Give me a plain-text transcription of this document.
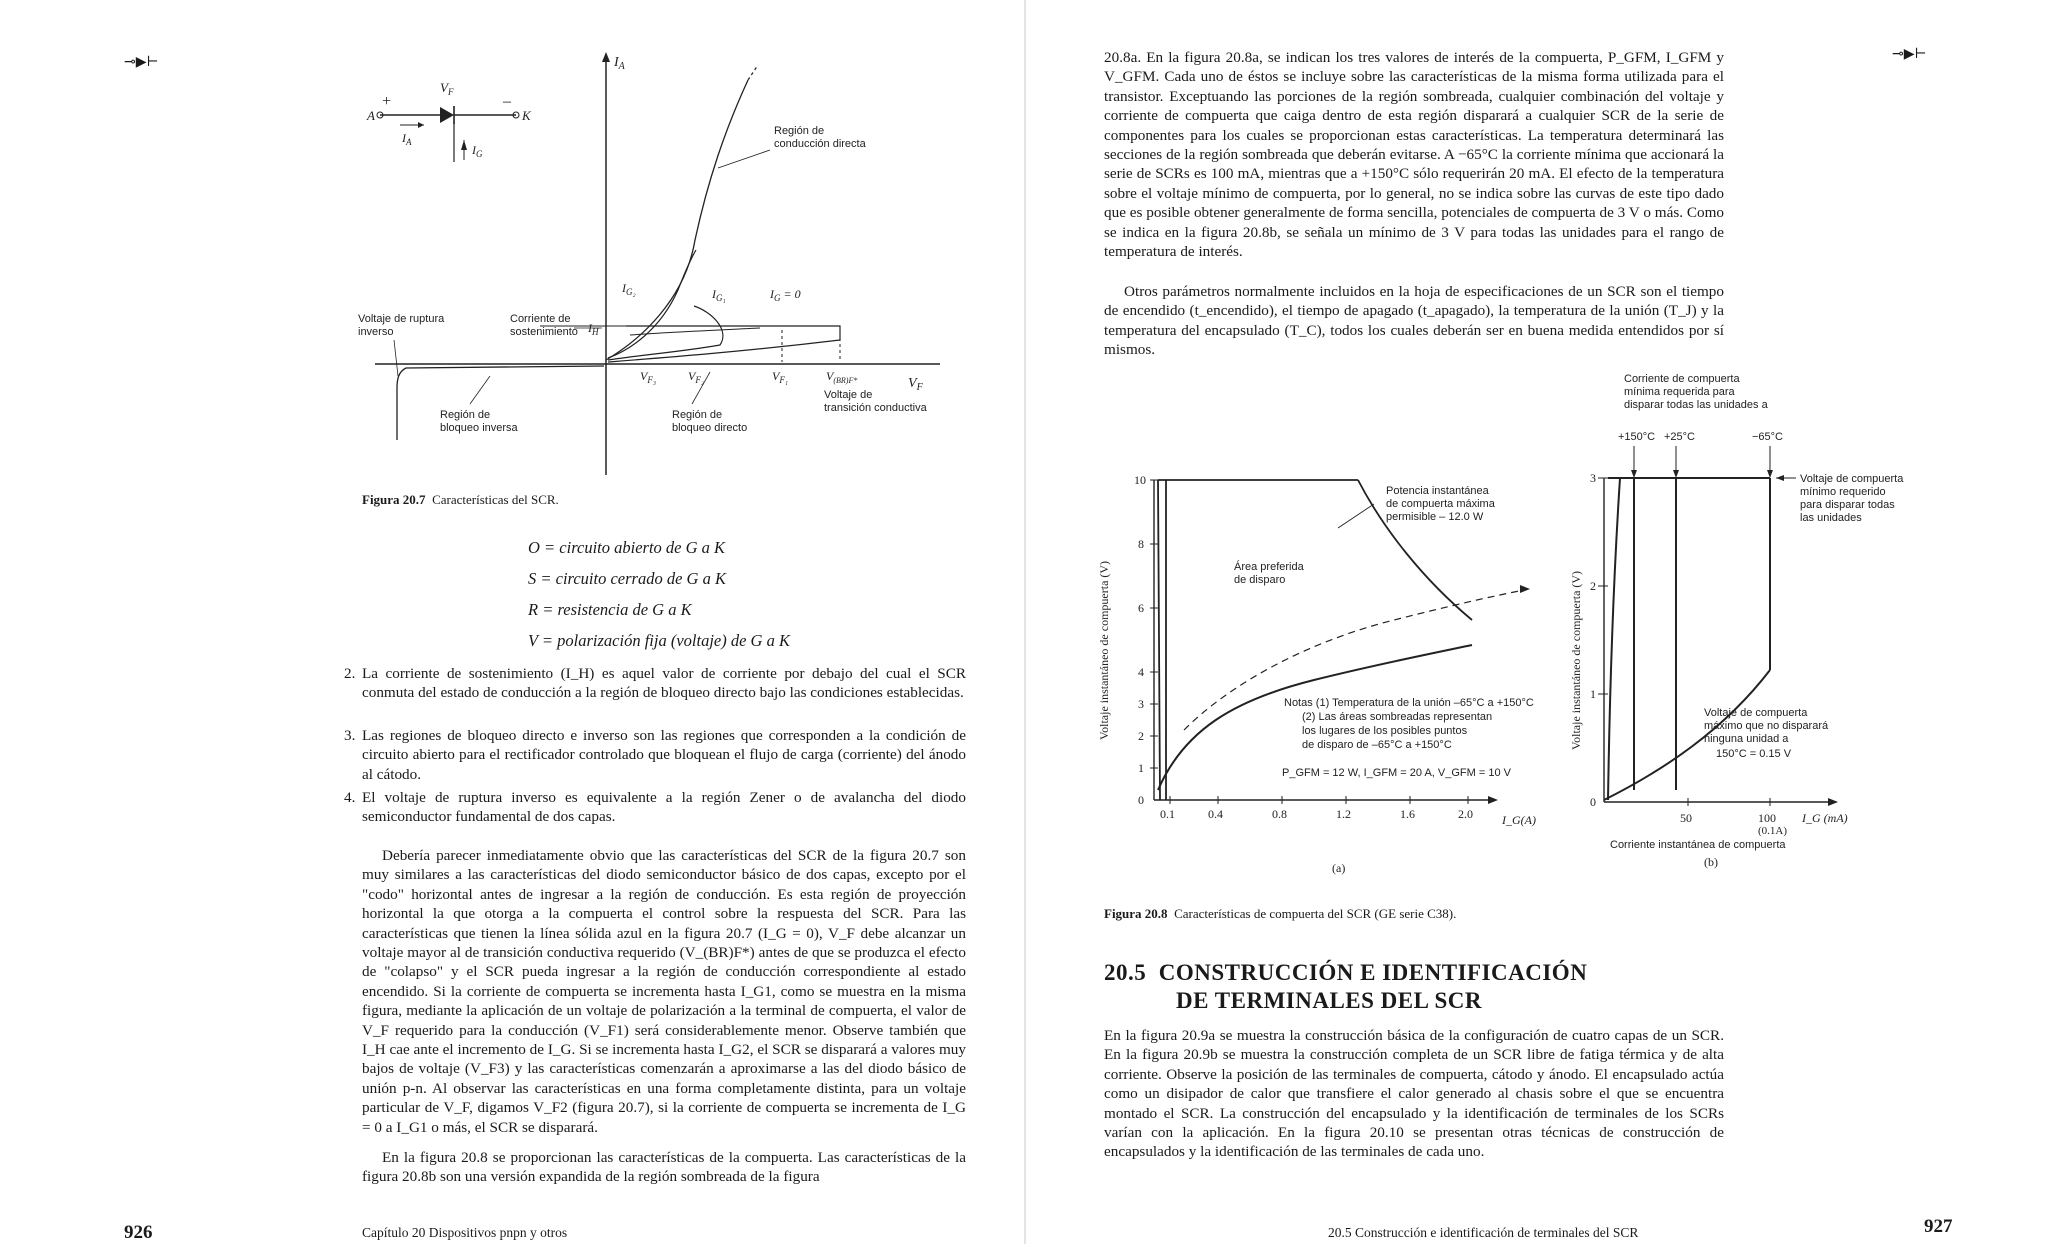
⊸▶⊢	$I_A$
$V_F$
$V_F$
+	–
A	K
$I_A$
$I_G$
Región de conducción directa
$I_{G_2}$	$I_{G_1}$	$I_G = 0$
$I_H$
Voltaje de ruptura inverso
Corriente de sostenimiento
$V_{F_3}$	$V_{F_2}$	$V_{F_1}$	$V_{(BR)F*}$
Voltaje de transición conductiva
Región de bloqueo inversa
Región de bloqueo directo
Figura 20.7 Características del SCR.
O = circuito abierto de G a K
S = circuito cerrado de G a K
R = resistencia de G a K
V = polarización fija (voltaje) de G a K
2. La corriente de sostenimiento (I_H) es aquel valor de corriente por debajo del cual el SCR conmuta del estado de conducción a la región de bloqueo directo bajo las condiciones establecidas.
3. Las regiones de bloqueo directo e inverso son las regiones que corresponden a la condición de circuito abierto para el rectificador controlado que bloquean el flujo de carga (corriente) del ánodo al cátodo.
4. El voltaje de ruptura inverso es equivalente a la región Zener o de avalancha del diodo semiconductor fundamental de dos capas.

Debería parecer inmediatamente obvio que las características del SCR de la figura 20.7 son muy similares a las características del diodo semiconductor básico de dos capas, excepto por el "codo" horizontal antes de ingresar a la región de conducción. Es esta región de proyección horizontal la que otorga a la compuerta el control sobre la respuesta del SCR. Para las características que tienen la línea sólida azul en la figura 20.7 (I_G = 0), V_F debe alcanzar un voltaje mayor al de transición conductiva requerido (V_(BR)F*) antes de que se produzca el efecto de "colapso" y el SCR pueda ingresar a la región de conducción correspondiente al estado encendido. Si la corriente de compuerta se incrementa hasta I_G1, como se muestra en la misma figura, mediante la aplicación de un voltaje de polarización a la terminal de compuerta, el valor de V_F requerido para la conducción (V_F1) será considerablemente menor. Observe también que I_H cae ante el incremento de I_G. Si se incrementa hasta I_G2, el SCR se disparará a valores muy bajos de voltaje (V_F3) y las características comenzarán a aproximarse a las del diodo básico de unión p-n. Al observar las características en una forma completamente distinta, para un voltaje particular de V_F, digamos V_F2 (figura 20.7), si la corriente de compuerta se incrementa de I_G = 0 a I_G1 o más, el SCR se disparará.

En la figura 20.8 se proporcionan las características de la compuerta. Las características de la figura 20.8b son una versión expandida de la región sombreada de la figura

926	Capítulo 20 Dispositivos pnpn y otros
⊸▶⊢

20.8a. En la figura 20.8a, se indican los tres valores de interés de la compuerta, P_GFM, I_GFM y V_GFM. Cada uno de éstos se incluye sobre las características de la misma forma utilizada para el transistor. Exceptuando las porciones de la región sombreada, cualquier combinación del voltaje y corriente de compuerta que caiga dentro de esta región disparará a cualquier SCR de la serie de componentes para los cuales se proporcionan estas características. La temperatura determinará las secciones de la región sombreada que deberán evitarse. A −65°C la corriente mínima que accionará la serie de SCRs es 100 mA, mientras que a +150°C sólo requerirán 20 mA. El efecto de la temperatura sobre el voltaje mínimo de compuerta, por lo general, no se indica sobre las curvas de este tipo dado que es posible obtener generalmente de forma sencilla, potenciales de compuerta de 3 V o más. Como se indica en la figura 20.8b, se señala un mínimo de 3 V para todas las unidades para el rango de temperatura de interés.

Otros parámetros normalmente incluidos en la hoja de especificaciones de un SCR son el tiempo de encendido (t_encendido), el tiempo de apagado (t_apagado), la temperatura de la unión (T_J) y la temperatura del encapsulado (T_C), todos los cuales deberán ser en buena medida entendidos por sí mismos.

Voltaje instantáneo de compuerta (V)
10
8
6
4
3
2
1
0
0.1	0.4	0.8	1.2	1.6	2.0 I_G(A)
Potencia instantánea de compuerta máxima permisible – 12.0 W
Área preferida de disparo
Notas (1) Temperatura de la unión –65°C a +150°C (2) Las áreas sombreadas representan los lugares de los posibles puntos de disparo de –65°C a +150°C
P_GFM = 12 W, I_GFM = 20 A, V_GFM = 10 V
(a)
Corriente de compuerta mínima requerida para disparar todas las unidades a
+150°C +25°C	−65°C
Voltaje instantáneo de compuerta (V)
3
2
1
0
50	100
(0.1A)
I_G (mA)
Corriente instantánea de compuerta
(b)
Voltaje de compuerta mínimo requerido para disparar todas las unidades
Voltaje de compuerta máximo que no disparará ninguna unidad a 150°C = 0.15 V
Figura 20.8 Características de compuerta del SCR (GE serie C38).
20.5 CONSTRUCCIÓN E IDENTIFICACIÓN
DE TERMINALES DEL SCR

En la figura 20.9a se muestra la construcción básica de la configuración de cuatro capas de un SCR. En la figura 20.9b se muestra la construcción completa de un SCR libre de fatiga térmica y de alta corriente. Observe la posición de las terminales de compuerta, cátodo y ánodo. El encapsulado actúa como un disipador de calor que transfiere el calor generado al chasis sobre el que se encuentra montado el SCR. La construcción del encapsulado y la identificación de terminales de los SCRs varían con la aplicación. En la figura 20.10 se presentan otras técnicas de construcción de encapsulados y la identificación de las terminales de cada uno.

20.5 Construcción e identificación de terminales del SCR	927
